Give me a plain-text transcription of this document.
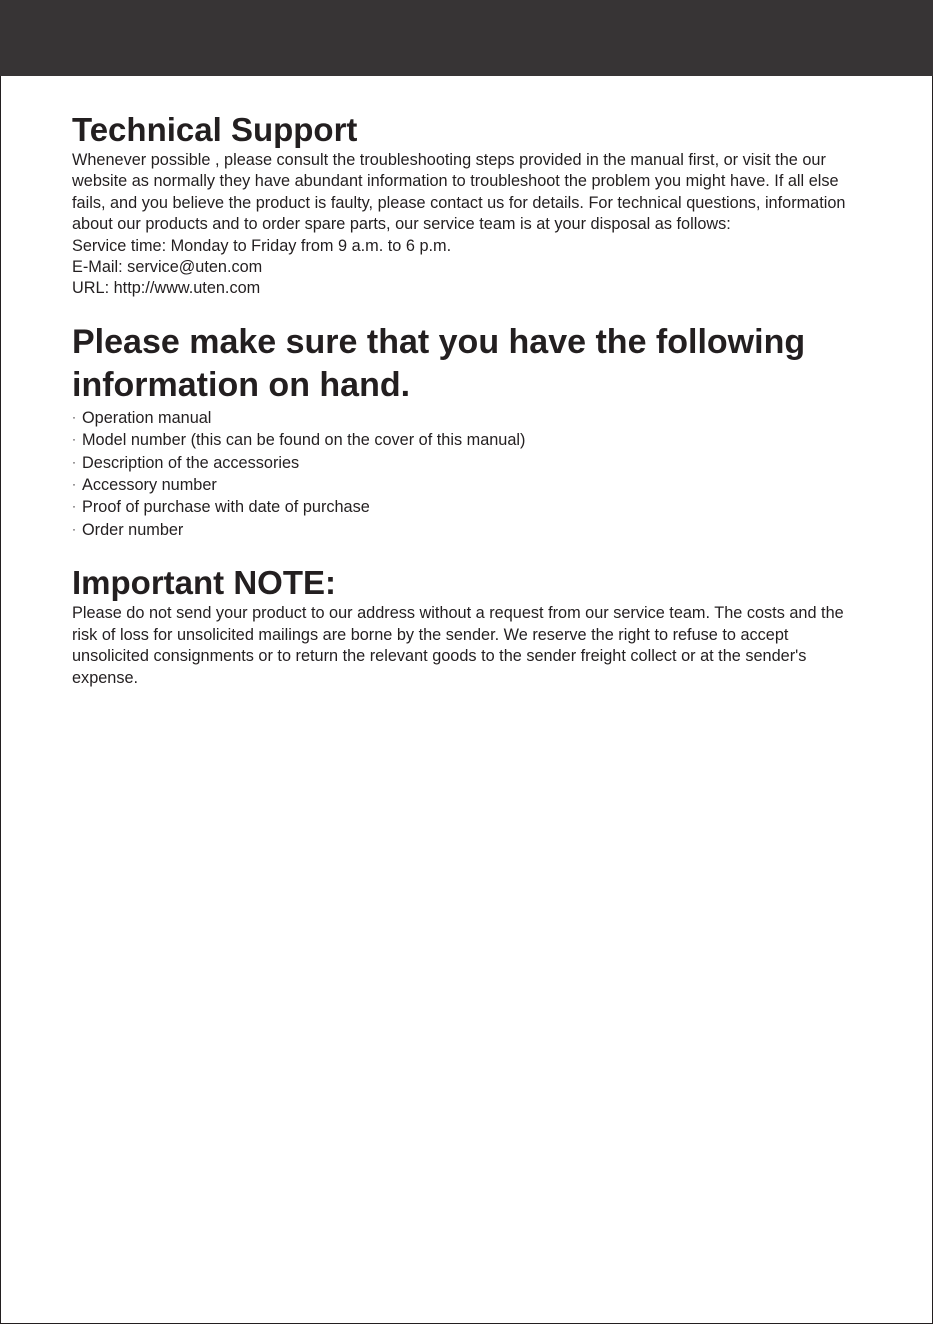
Technical Support

Whenever possible , please consult the troubleshooting steps provided in the manual first, or visit the our website as normally they have abundant information to troubleshoot the problem you might have. If all else fails, and you believe the product is faulty, please contact us for details. For technical questions, information about our products and to order spare parts, our service team is at your disposal as follows:

Service time: Monday to Friday from 9 a.m. to 6 p.m.
E-Mail: service@uten.com
URL: http://www.uten.com
Please make sure that you have the following information on hand.
· Operation manual
· Model number (this can be found on the cover of this manual)
· Description of the accessories
· Accessory number
· Proof of purchase with date of purchase
· Order number
Important NOTE:

Please do not send your product to our address without a request from our service team. The costs and the risk of loss for unsolicited mailings are borne by the sender. We reserve the right to refuse to accept unsolicited consignments or to return the relevant goods to the sender freight collect or at the sender's expense.
